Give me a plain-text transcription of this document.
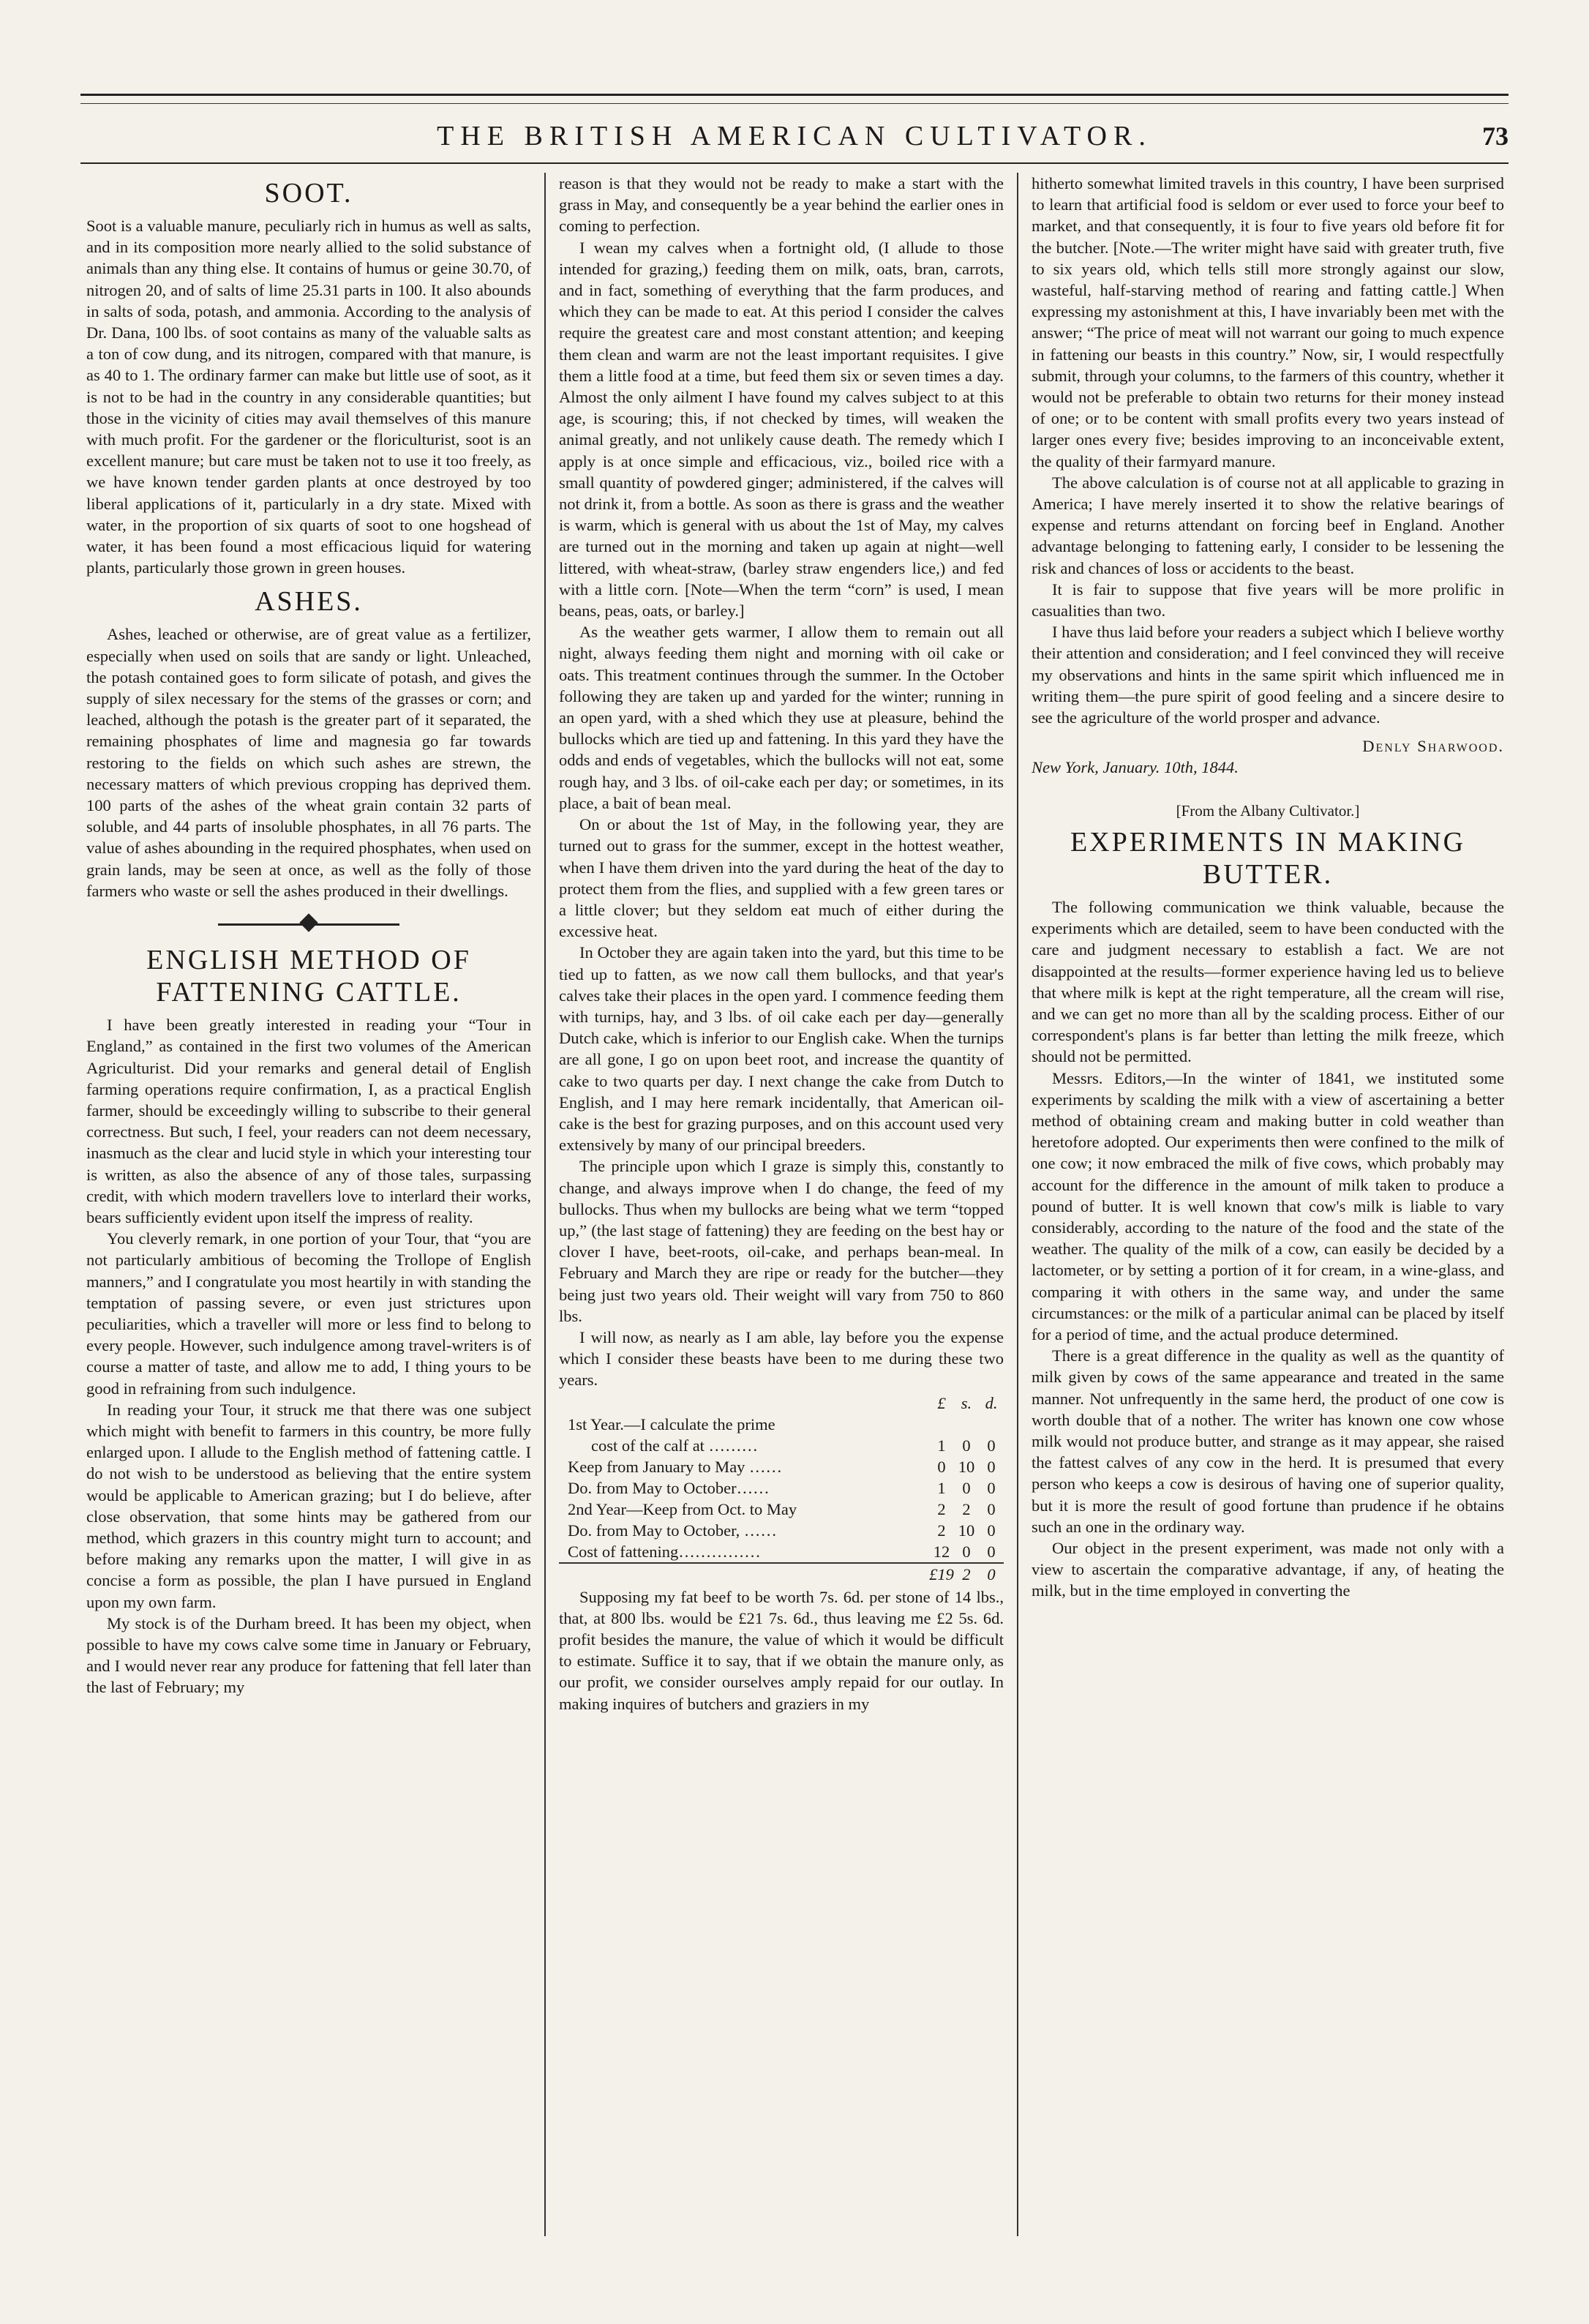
THE BRITISH AMERICAN CULTIVATOR.	73
SOOT.

Soot is a valuable manure, peculiarly rich in humus as well as salts, and in its composition more nearly allied to the solid substance of animals than any thing else. It contains of humus or geine 30.70, of nitrogen 20, and of salts of lime 25.31 parts in 100. It also abounds in salts of soda, potash, and ammonia. According to the analysis of Dr. Dana, 100 lbs. of soot contains as many of the valuable salts as a ton of cow dung, and its nitrogen, compared with that manure, is as 40 to 1. The ordinary farmer can make but little use of soot, as it is not to be had in the country in any considerable quantities; but those in the vicinity of cities may avail themselves of this manure with much profit. For the gardener or the floriculturist, soot is an excellent manure; but care must be taken not to use it too freely, as we have known tender garden plants at once destroyed by too liberal applications of it, particularly in a dry state. Mixed with water, in the proportion of six quarts of soot to one hogshead of water, it has been found a most efficacious liquid for watering plants, particularly those grown in green houses.

ASHES.

Ashes, leached or otherwise, are of great value as a fertilizer, especially when used on soils that are sandy or light. Unleached, the potash contained goes to form silicate of potash, and gives the supply of silex necessary for the stems of the grasses or corn; and leached, although the potash is the greater part of it separated, the remaining phosphates of lime and magnesia go far towards restoring to the fields on which such ashes are strewn, the necessary matters of which previous cropping has deprived them. 100 parts of the ashes of the wheat grain contain 32 parts of soluble, and 44 parts of insoluble phosphates, in all 76 parts. The value of ashes abounding in the required phosphates, when used on grain lands, may be seen at once, as well as the folly of those farmers who waste or sell the ashes produced in their dwellings.

ENGLISH METHOD OF FATTENING CATTLE.

I have been greatly interested in reading your “Tour in England,” as contained in the first two volumes of the American Agriculturist. Did your remarks and general detail of English farming operations require confirmation, I, as a practical English farmer, should be exceedingly willing to subscribe to their general correctness. But such, I feel, your readers can not deem necessary, inasmuch as the clear and lucid style in which your interesting tour is written, as also the absence of any of those tales, surpassing credit, with which modern travellers love to interlard their works, bears sufficiently evident upon itself the impress of reality.

You cleverly remark, in one portion of your Tour, that “you are not particularly ambitious of becoming the Trollope of English manners,” and I congratulate you most heartily in with standing the temptation of passing severe, or even just strictures upon peculiarities, which a traveller will more or less find to belong to every people. However, such indulgence among travel-writers is of course a matter of taste, and allow me to add, I thing yours to be good in refraining from such indulgence.

In reading your Tour, it struck me that there was one subject which might with benefit to farmers in this country, be more fully enlarged upon. I allude to the English method of fattening cattle. I do not wish to be understood as believing that the entire system would be applicable to American grazing; but I do believe, after close observation, that some hints may be gathered from our method, which grazers in this country might turn to account; and before making any remarks upon the matter, I will give in as concise a form as possible, the plan I have pursued in England upon my own farm.

My stock is of the Durham breed. It has been my object, when possible to have my cows calve some time in January or February, and I would never rear any produce for fattening that fell later than the last of February; my

reason is that they would not be ready to make a start with the grass in May, and consequently be a year behind the earlier ones in coming to perfection.

I wean my calves when a fortnight old, (I allude to those intended for grazing,) feeding them on milk, oats, bran, carrots, and in fact, something of everything that the farm produces, and which they can be made to eat. At this period I consider the calves require the greatest care and most constant attention; and keeping them clean and warm are not the least important requisites. I give them a little food at a time, but feed them six or seven times a day. Almost the only ailment I have found my calves subject to at this age, is scouring; this, if not checked by times, will weaken the animal greatly, and not unlikely cause death. The remedy which I apply is at once simple and efficacious, viz., boiled rice with a small quantity of powdered ginger; administered, if the calves will not drink it, from a bottle. As soon as there is grass and the weather is warm, which is general with us about the 1st of May, my calves are turned out in the morning and taken up again at night—well littered, with wheat-straw, (barley straw engenders lice,) and fed with a little corn. [Note—When the term “corn” is used, I mean beans, peas, oats, or barley.]

As the weather gets warmer, I allow them to remain out all night, always feeding them night and morning with oil cake or oats. This treatment continues through the summer. In the October following they are taken up and yarded for the winter; running in an open yard, with a shed which they use at pleasure, behind the bullocks which are tied up and fattening. In this yard they have the odds and ends of vegetables, which the bullocks will not eat, some rough hay, and 3 lbs. of oil-cake each per day; or sometimes, in its place, a bait of bean meal.

On or about the 1st of May, in the following year, they are turned out to grass for the summer, except in the hottest weather, when I have them driven into the yard during the heat of the day to protect them from the flies, and supplied with a few green tares or a little clover; but they seldom eat much of either during the excessive heat.

In October they are again taken into the yard, but this time to be tied up to fatten, as we now call them bullocks, and that year's calves take their places in the open yard. I commence feeding them with turnips, hay, and 3 lbs. of oil cake each per day—generally Dutch cake, which is inferior to our English cake. When the turnips are all gone, I go on upon beet root, and increase the quantity of cake to two quarts per day. I next change the cake from Dutch to English, and I may here remark incidentally, that American oil-cake is the best for grazing purposes, and on this account used very extensively by many of our principal breeders.

The principle upon which I graze is simply this, constantly to change, and always improve when I do change, the feed of my bullocks. Thus when my bullocks are being what we term “topped up,” (the last stage of fattening) they are feeding on the best hay or clover I have, beet-roots, oil-cake, and perhaps bean-meal. In February and March they are ripe or ready for the butcher—they being just two years old. Their weight will vary from 750 to 860 lbs.

I will now, as nearly as I am able, lay before you the expense which I consider these beasts have been to me during these two years.

	£	s.	d.
1st Year.—I calculate the prime			
cost of the calf at ………	1	0	0
Keep from January to May ……	0	10	0
Do. from May to October……	1	0	0
2nd Year—Keep from Oct. to May	2	2	0
Do. from May to October, ……	2	10	0
Cost of fattening……………	12	0	0
	£19	2	0

Supposing my fat beef to be worth 7s. 6d. per stone of 14 lbs., that, at 800 lbs. would be £21 7s. 6d., thus leaving me £2 5s. 6d. profit besides the manure, the value of which it would be difficult to estimate. Suffice it to say, that if we obtain the manure only, as our profit, we consider ourselves amply repaid for our outlay. In making inquires of butchers and graziers in my

hitherto somewhat limited travels in this country, I have been surprised to learn that artificial food is seldom or ever used to force your beef to market, and that consequently, it is four to five years old before fit for the butcher. [Note.—The writer might have said with greater truth, five to six years old, which tells still more strongly against our slow, wasteful, half-starving method of rearing and fatting cattle.] When expressing my astonishment at this, I have invariably been met with the answer; “The price of meat will not warrant our going to much expence in fattening our beasts in this country.” Now, sir, I would respectfully submit, through your columns, to the farmers of this country, whether it would not be preferable to obtain two returns for their money instead of one; or to be content with small profits every two years instead of larger ones every five; besides improving to an inconceivable extent, the quality of their farmyard manure.

The above calculation is of course not at all applicable to grazing in America; I have merely inserted it to show the relative bearings of expense and returns attendant on forcing beef in England. Another advantage belonging to fattening early, I consider to be lessening the risk and chances of loss or accidents to the beast.

It is fair to suppose that five years will be more prolific in casualities than two.

I have thus laid before your readers a subject which I believe worthy their attention and consideration; and I feel convinced they will receive my observations and hints in the same spirit which influenced me in writing them—the pure spirit of good feeling and a sincere desire to see the agriculture of the world prosper and advance.

Denly Sharwood.
New York, January. 10th, 1844.
[From the Albany Cultivator.]
EXPERIMENTS IN MAKING BUTTER.

The following communication we think valuable, because the experiments which are detailed, seem to have been conducted with the care and judgment necessary to establish a fact. We are not disappointed at the results—former experience having led us to believe that where milk is kept at the right temperature, all the cream will rise, and we can get no more than all by the scalding process. Either of our correspondent's plans is far better than letting the milk freeze, which should not be permitted.

Messrs. Editors,—In the winter of 1841, we instituted some experiments by scalding the milk with a view of ascertaining a better method of obtaining cream and making butter in cold weather than heretofore adopted. Our experiments then were confined to the milk of one cow; it now embraced the milk of five cows, which probably may account for the difference in the amount of milk taken to produce a pound of butter. It is well known that cow's milk is liable to vary considerably, according to the nature of the food and the state of the weather. The quality of the milk of a cow, can easily be decided by a lactometer, or by setting a portion of it for cream, in a wine-glass, and comparing it with others in the same way, and under the same circumstances: or the milk of a particular animal can be placed by itself for a period of time, and the actual produce determined.

There is a great difference in the quality as well as the quantity of milk given by cows of the same appearance and treated in the same manner. Not unfrequently in the same herd, the product of one cow is worth double that of a nother. The writer has known one cow whose milk would not produce butter, and strange as it may appear, she raised the fattest calves of any cow in the herd. It is presumed that every person who keeps a cow is desirous of having one of superior quality, but it is more the result of good fortune than prudence if he obtains such an one in the ordinary way.

Our object in the present experiment, was made not only with a view to ascertain the comparative advantage, if any, of heating the milk, but in the time employed in converting the
